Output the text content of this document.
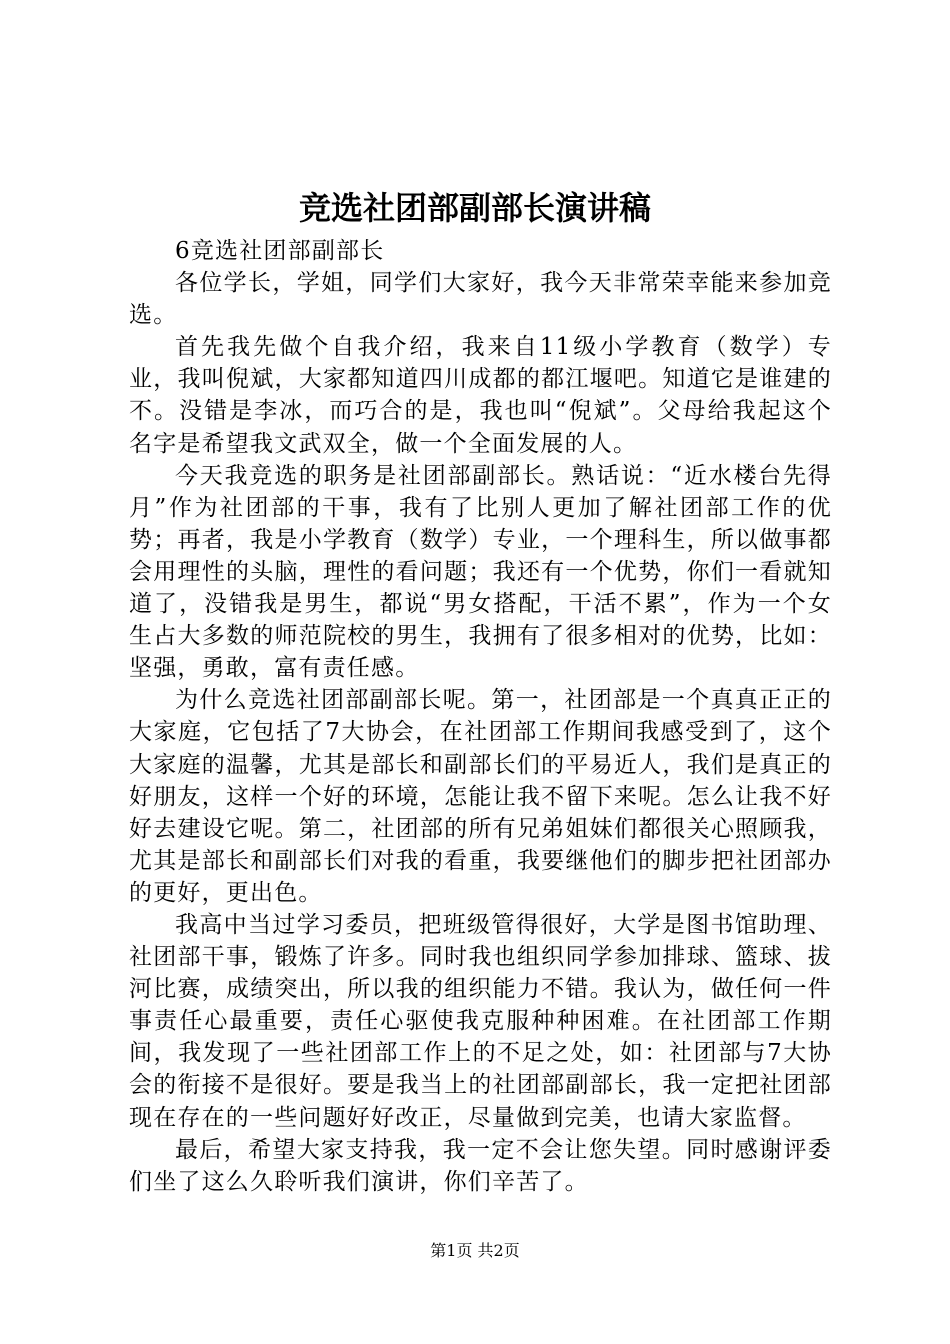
竞选社团部副部长演讲稿

6竞选社团部副部长

各位学长，学姐，同学们大家好，我今天非常荣幸能来参加竞选。

首先我先做个自我介绍，我来自11级小学教育（数学）专业，我叫倪斌，大家都知道四川成都的都江堰吧。知道它是谁建的不。没错是李冰，而巧合的是，我也叫“倪斌”。父母给我起这个名字是希望我文武双全，做一个全面发展的人。

今天我竞选的职务是社团部副部长。熟话说：“近水楼台先得月”作为社团部的干事，我有了比别人更加了解社团部工作的优势；再者，我是小学教育（数学）专业，一个理科生，所以做事都会用理性的头脑，理性的看问题；我还有一个优势，你们一看就知道了，没错我是男生，都说“男女搭配，干活不累”，作为一个女生占大多数的师范院校的男生，我拥有了很多相对的优势，比如：坚强，勇敢，富有责任感。

为什么竞选社团部副部长呢。第一，社团部是一个真真正正的大家庭，它包括了7大协会，在社团部工作期间我感受到了，这个大家庭的温馨，尤其是部长和副部长们的平易近人，我们是真正的好朋友，这样一个好的环境，怎能让我不留下来呢。怎么让我不好好去建设它呢。第二，社团部的所有兄弟姐妹们都很关心照顾我，尤其是部长和副部长们对我的看重，我要继他们的脚步把社团部办的更好，更出色。

我高中当过学习委员，把班级管得很好，大学是图书馆助理、社团部干事，锻炼了许多。同时我也组织同学参加排球、篮球、拔河比赛，成绩突出，所以我的组织能力不错。我认为，做任何一件事责任心最重要，责任心驱使我克服种种困难。在社团部工作期间，我发现了一些社团部工作上的不足之处，如：社团部与7大协会的衔接不是很好。要是我当上的社团部副部长，我一定把社团部现在存在的一些问题好好改正，尽量做到完美，也请大家监督。

最后，希望大家支持我，我一定不会让您失望。同时感谢评委们坐了这么久聆听我们演讲，你们辛苦了。

第1页 共2页
